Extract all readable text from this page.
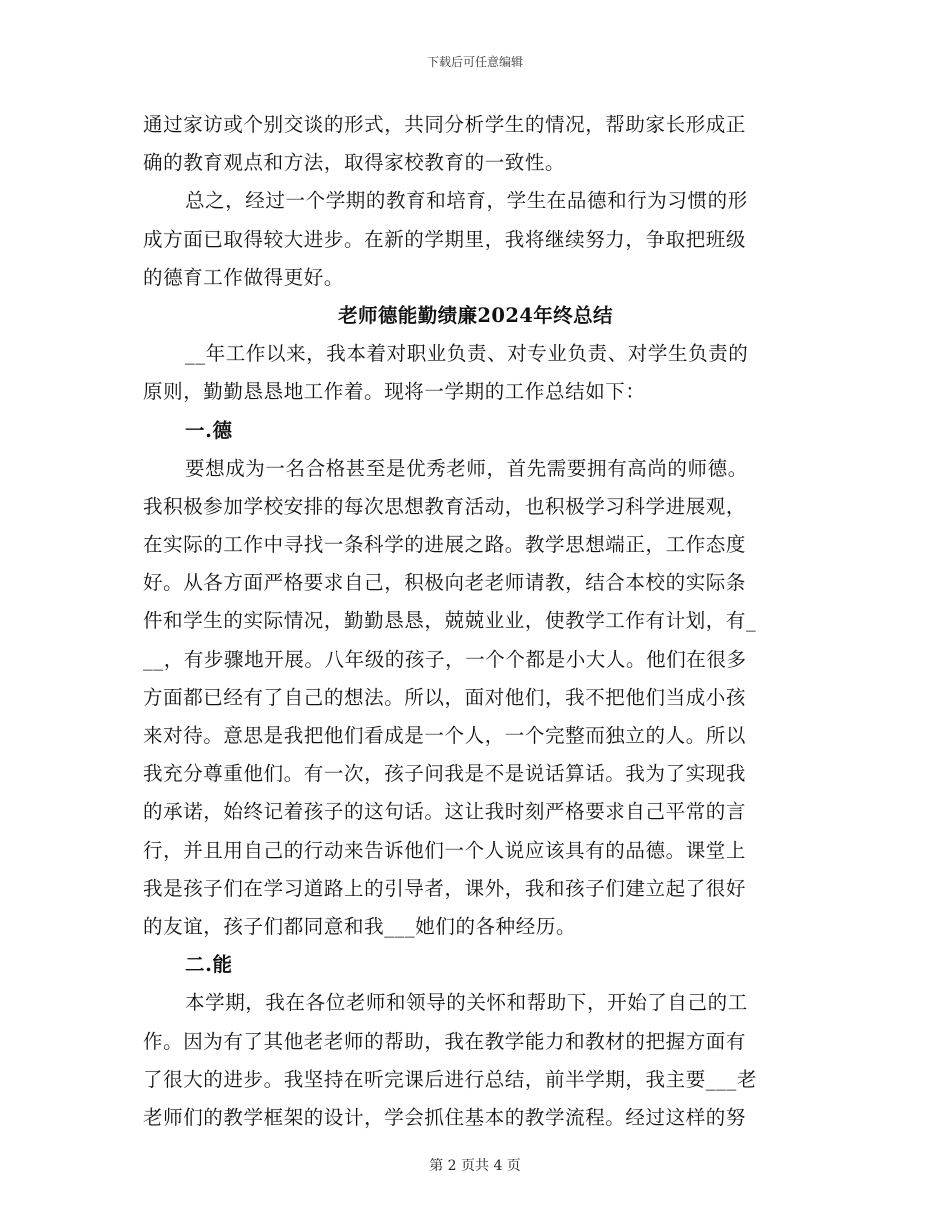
下载后可任意编辑
通过家访或个别交谈的形式，共同分析学生的情况，帮助家长形成正
确的教育观点和方法，取得家校教育的一致性。
总之，经过一个学期的教育和培育，学生在品德和行为习惯的形
成方面已取得较大进步。在新的学期里，我将继续努力，争取把班级
的德育工作做得更好。
老师德能勤绩廉2024年终总结
__年工作以来，我本着对职业负责、对专业负责、对学生负责的
原则，勤勤恳恳地工作着。现将一学期的工作总结如下：
一.德
要想成为一名合格甚至是优秀老师，首先需要拥有高尚的师德。
我积极参加学校安排的每次思想教育活动，也积极学习科学进展观，
在实际的工作中寻找一条科学的进展之路。教学思想端正，工作态度
好。从各方面严格要求自己，积极向老老师请教，结合本校的实际条
件和学生的实际情况，勤勤恳恳，兢兢业业，使教学工作有计划，有_
__，有步骤地开展。八年级的孩子，一个个都是小大人。他们在很多
方面都已经有了自己的想法。所以，面对他们，我不把他们当成小孩
来对待。意思是我把他们看成是一个人，一个完整而独立的人。所以
我充分尊重他们。有一次，孩子问我是不是说话算话。我为了实现我
的承诺，始终记着孩子的这句话。这让我时刻严格要求自己平常的言
行，并且用自己的行动来告诉他们一个人说应该具有的品德。课堂上
我是孩子们在学习道路上的引导者，课外，我和孩子们建立起了很好
的友谊，孩子们都同意和我___她们的各种经历。
二.能
本学期，我在各位老师和领导的关怀和帮助下，开始了自己的工
作。因为有了其他老老师的帮助，我在教学能力和教材的把握方面有
了很大的进步。我坚持在听完课后进行总结，前半学期，我主要___老
老师们的教学框架的设计，学会抓住基本的教学流程。经过这样的努
第 2 页共 4 页
